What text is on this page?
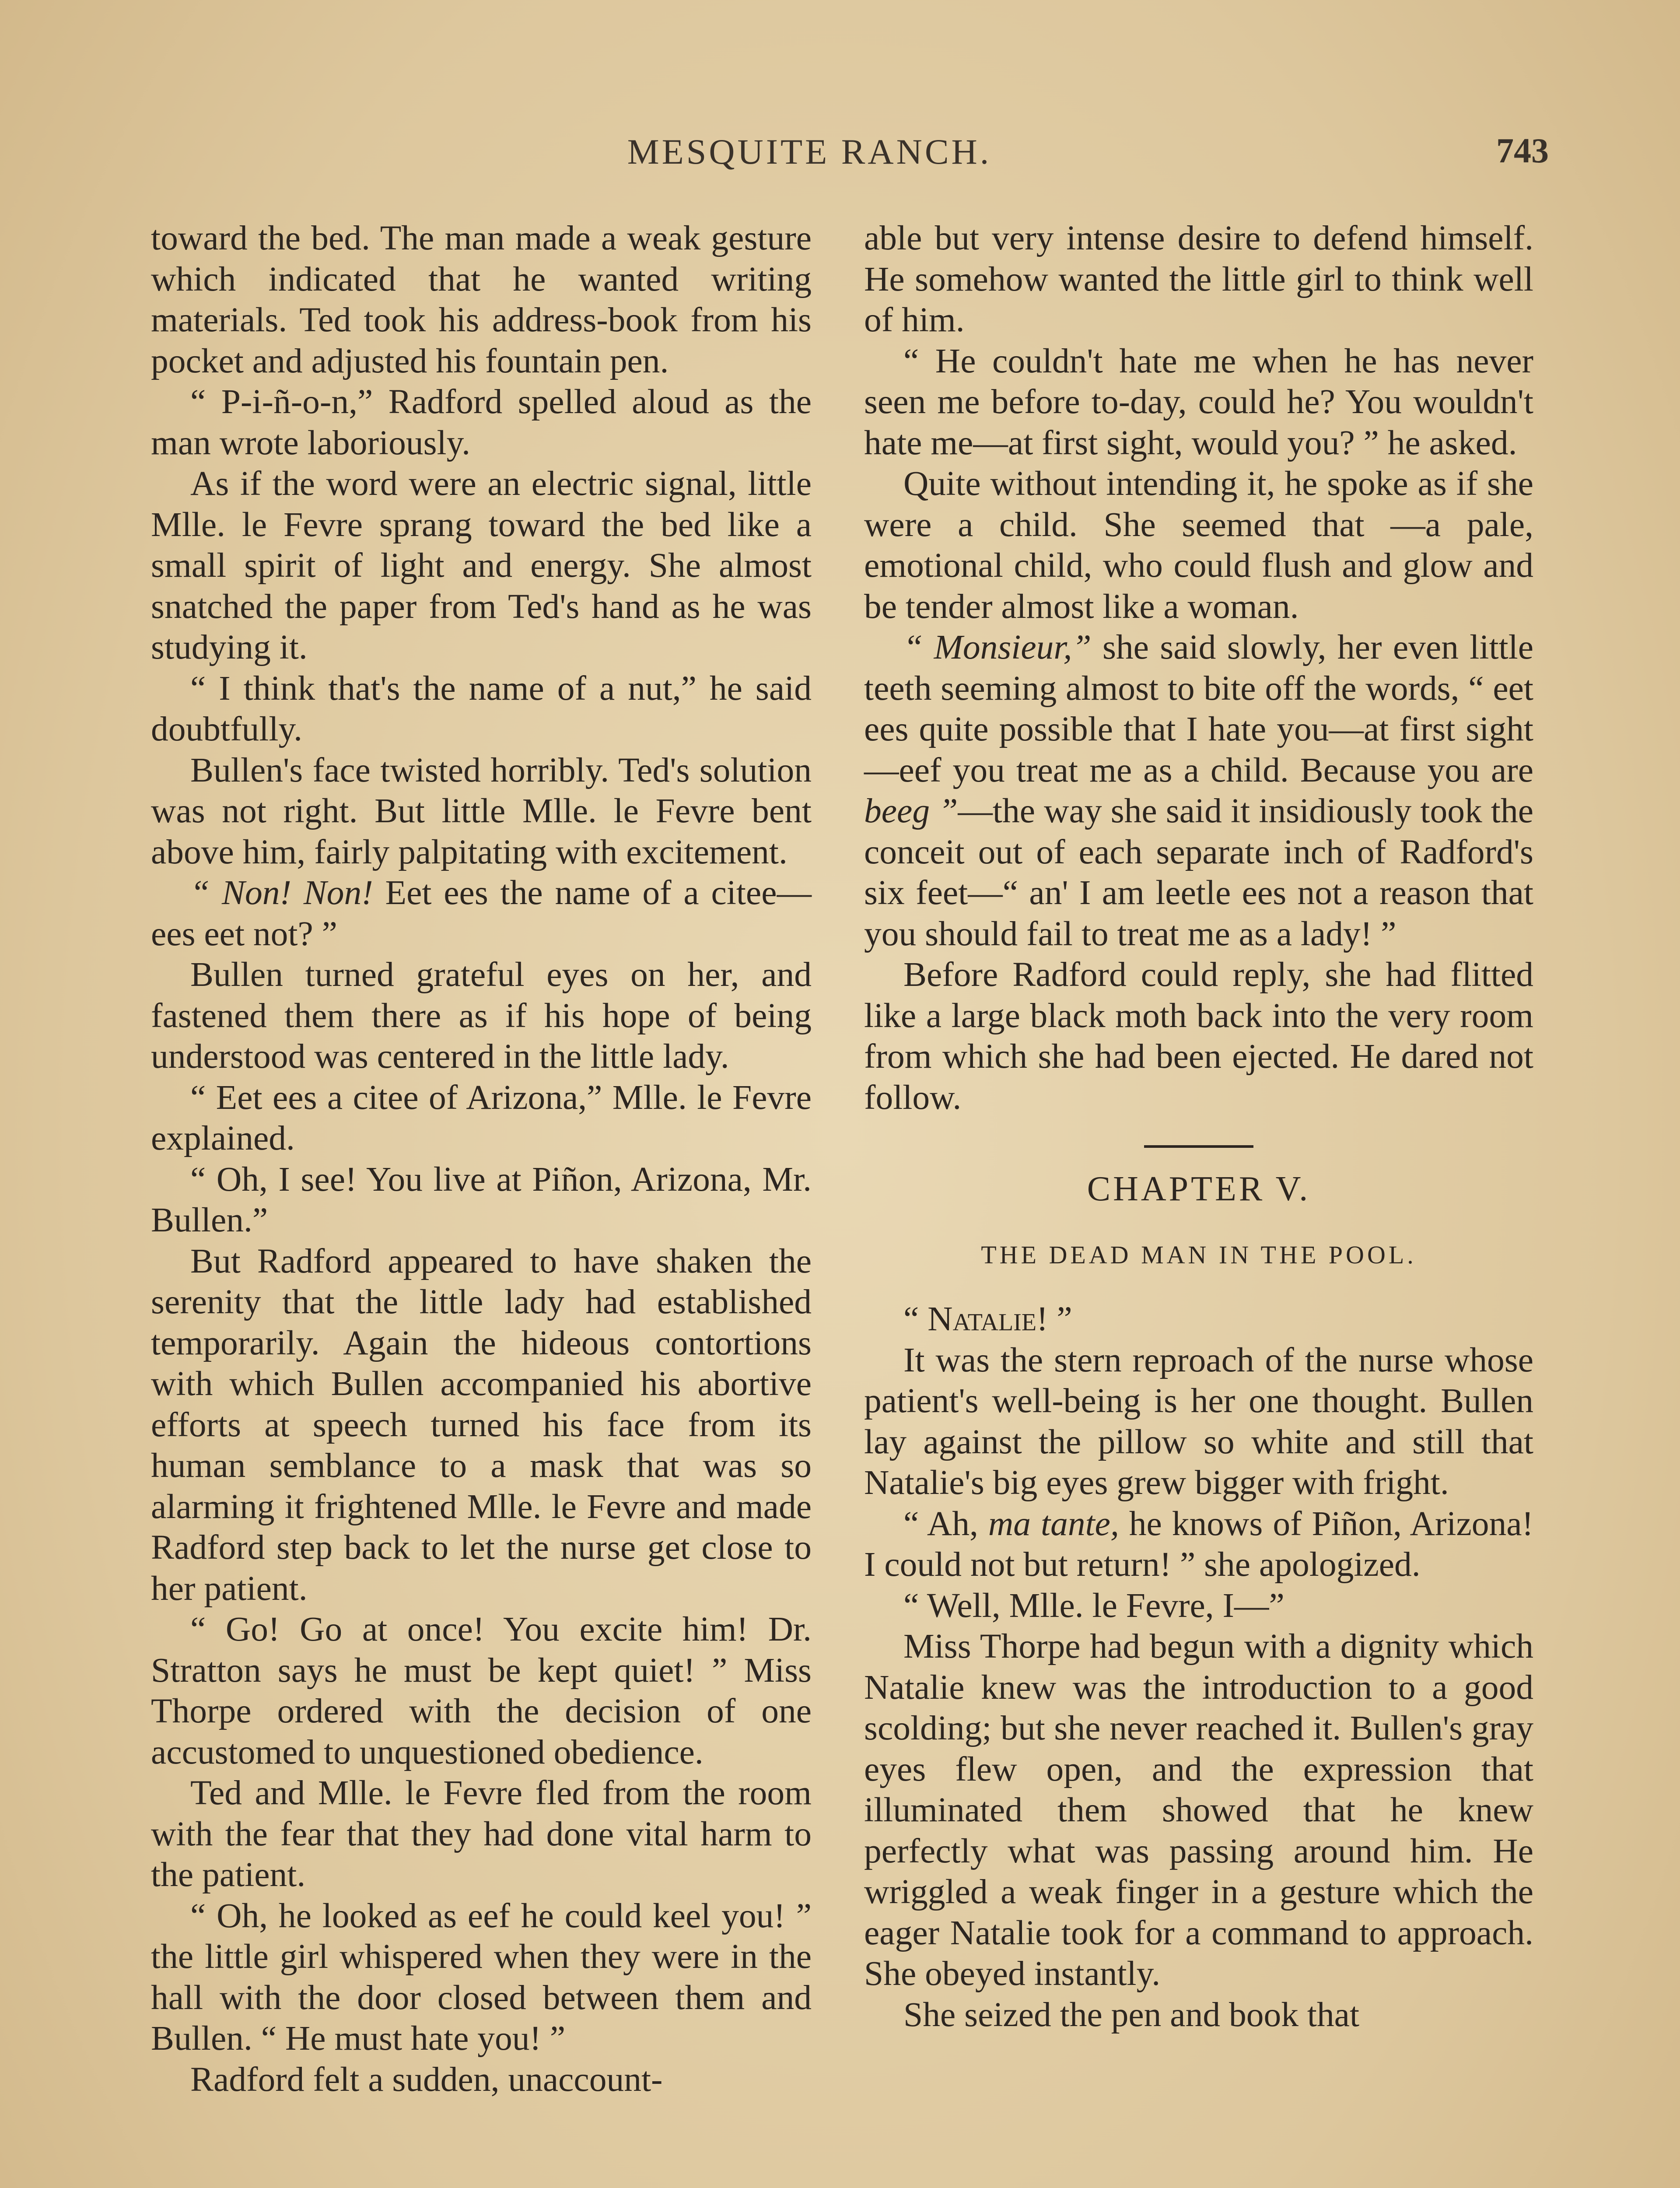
MESQUITE RANCH.	743

toward the bed. The man made a weak gesture which indicated that he wanted writing materials. Ted took his address-book from his pocket and adjusted his fountain pen.

“ P-i-ñ-o-n,” Radford spelled aloud as the man wrote laboriously.

As if the word were an electric signal, little Mlle. le Fevre sprang toward the bed like a small spirit of light and energy. She almost snatched the paper from Ted's hand as he was studying it.

“ I think that's the name of a nut,” he said doubtfully.

Bullen's face twisted horribly. Ted's solution was not right. But little Mlle. le Fevre bent above him, fairly palpitating with excitement.

“ Non! Non! Eet ees the name of a citee—ees eet not? ”

Bullen turned grateful eyes on her, and fastened them there as if his hope of being understood was centered in the little lady.

“ Eet ees a citee of Arizona,” Mlle. le Fevre explained.

“ Oh, I see! You live at Piñon, Arizona, Mr. Bullen.”

But Radford appeared to have shaken the serenity that the little lady had established temporarily. Again the hideous contortions with which Bullen accompanied his abortive efforts at speech turned his face from its human semblance to a mask that was so alarming it frightened Mlle. le Fevre and made Radford step back to let the nurse get close to her patient.

“ Go! Go at once! You excite him! Dr. Stratton says he must be kept quiet! ” Miss Thorpe ordered with the decision of one accustomed to unquestioned obedience.

Ted and Mlle. le Fevre fled from the room with the fear that they had done vital harm to the patient.

“ Oh, he looked as eef he could keel you! ” the little girl whispered when they were in the hall with the door closed between them and Bullen. “ He must hate you! ”

Radford felt a sudden, unaccount-

able but very intense desire to defend himself. He somehow wanted the little girl to think well of him.

“ He couldn't hate me when he has never seen me before to-day, could he? You wouldn't hate me—at first sight, would you? ” he asked.

Quite without intending it, he spoke as if she were a child. She seemed that —a pale, emotional child, who could flush and glow and be tender almost like a woman.

“ Monsieur,” she said slowly, her even little teeth seeming almost to bite off the words, “ eet ees quite possible that I hate you—at first sight—eef you treat me as a child. Because you are beeg ”—the way she said it insidiously took the conceit out of each separate inch of Radford's six feet—“ an' I am leetle ees not a reason that you should fail to treat me as a lady! ”

Before Radford could reply, she had flitted like a large black moth back into the very room from which she had been ejected. He dared not follow.

CHAPTER V.
THE DEAD MAN IN THE POOL.

“ Natalie! ”

It was the stern reproach of the nurse whose patient's well-being is her one thought. Bullen lay against the pillow so white and still that Natalie's big eyes grew bigger with fright.

“ Ah, ma tante, he knows of Piñon, Arizona! I could not but return! ” she apologized.

“ Well, Mlle. le Fevre, I—”

Miss Thorpe had begun with a dignity which Natalie knew was the introduction to a good scolding; but she never reached it. Bullen's gray eyes flew open, and the expression that illuminated them showed that he knew perfectly what was passing around him. He wriggled a weak finger in a gesture which the eager Natalie took for a command to approach. She obeyed instantly.

She seized the pen and book that
